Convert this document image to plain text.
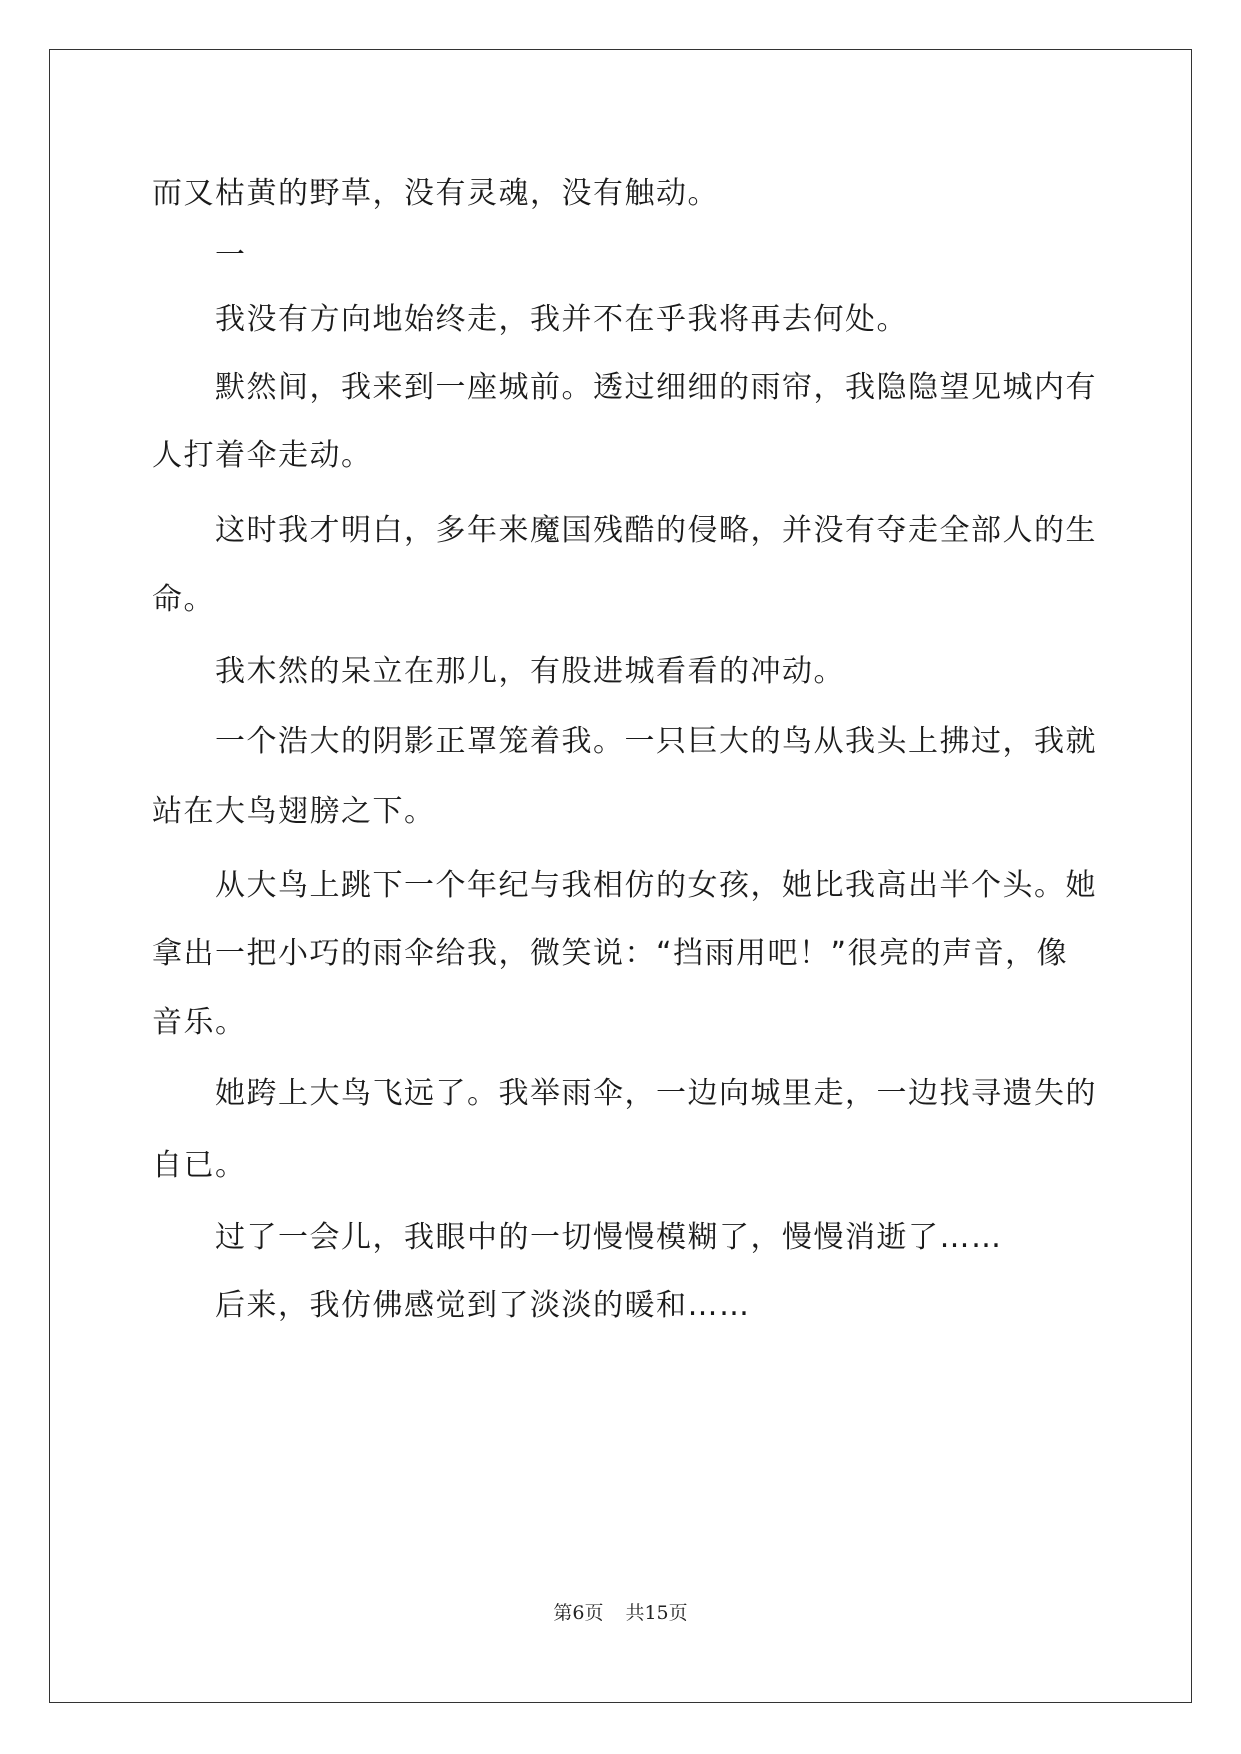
而又枯黄的野草，没有灵魂，没有触动。
一
我没有方向地始终走，我并不在乎我将再去何处。
默然间，我来到一座城前。透过细细的雨帘，我隐隐望见城内有
人打着伞走动。
这时我才明白，多年来魔国残酷的侵略，并没有夺走全部人的生
命。
我木然的呆立在那儿，有股进城看看的冲动。
一个浩大的阴影正罩笼着我。一只巨大的鸟从我头上拂过，我就
站在大鸟翅膀之下。
从大鸟上跳下一个年纪与我相仿的女孩，她比我高出半个头。她
拿出一把小巧的雨伞给我，微笑说：“挡雨用吧！”很亮的声音，像
音乐。
她跨上大鸟飞远了。我举雨伞，一边向城里走，一边找寻遗失的
自已。
过了一会儿，我眼中的一切慢慢模糊了，慢慢消逝了……
后来，我仿佛感觉到了淡淡的暖和……
第6页 共15页
